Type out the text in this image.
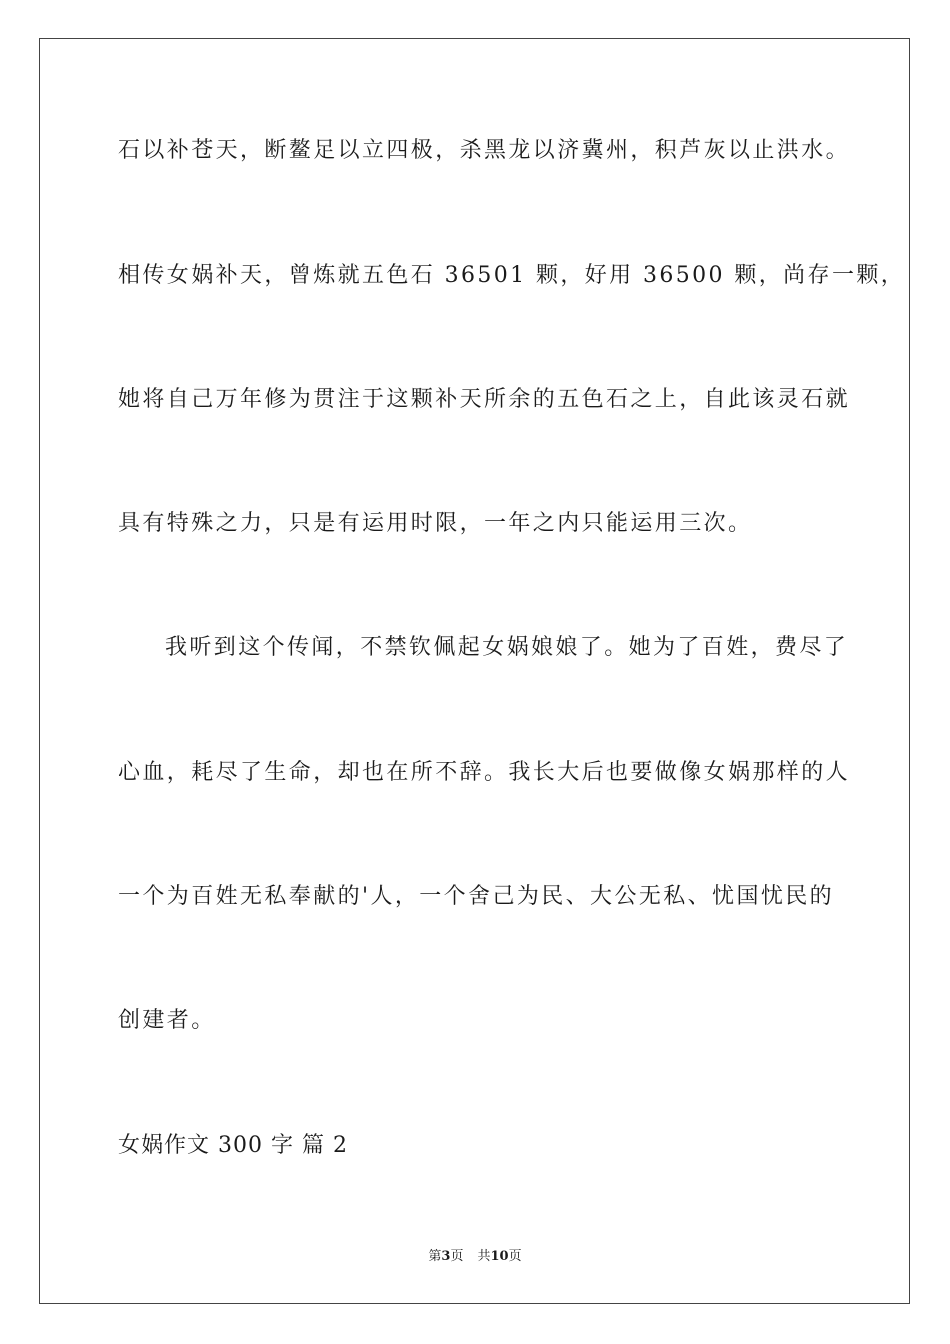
石以补苍天，断鳌足以立四极，杀黑龙以济冀州，积芦灰以止洪水。
相传女娲补天，曾炼就五色石 36501 颗，好用 36500 颗，尚存一颗，
她将自己万年修为贯注于这颗补天所余的五色石之上，自此该灵石就
具有特殊之力，只是有运用时限，一年之内只能运用三次。
我听到这个传闻，不禁钦佩起女娲娘娘了。她为了百姓，费尽了
心血，耗尽了生命，却也在所不辞。我长大后也要做像女娲那样的人
一个为百姓无私奉献的'人，一个舍己为民、大公无私、忧国忧民的
创建者。
女娲作文 300 字 篇 2
第3页 共10页
